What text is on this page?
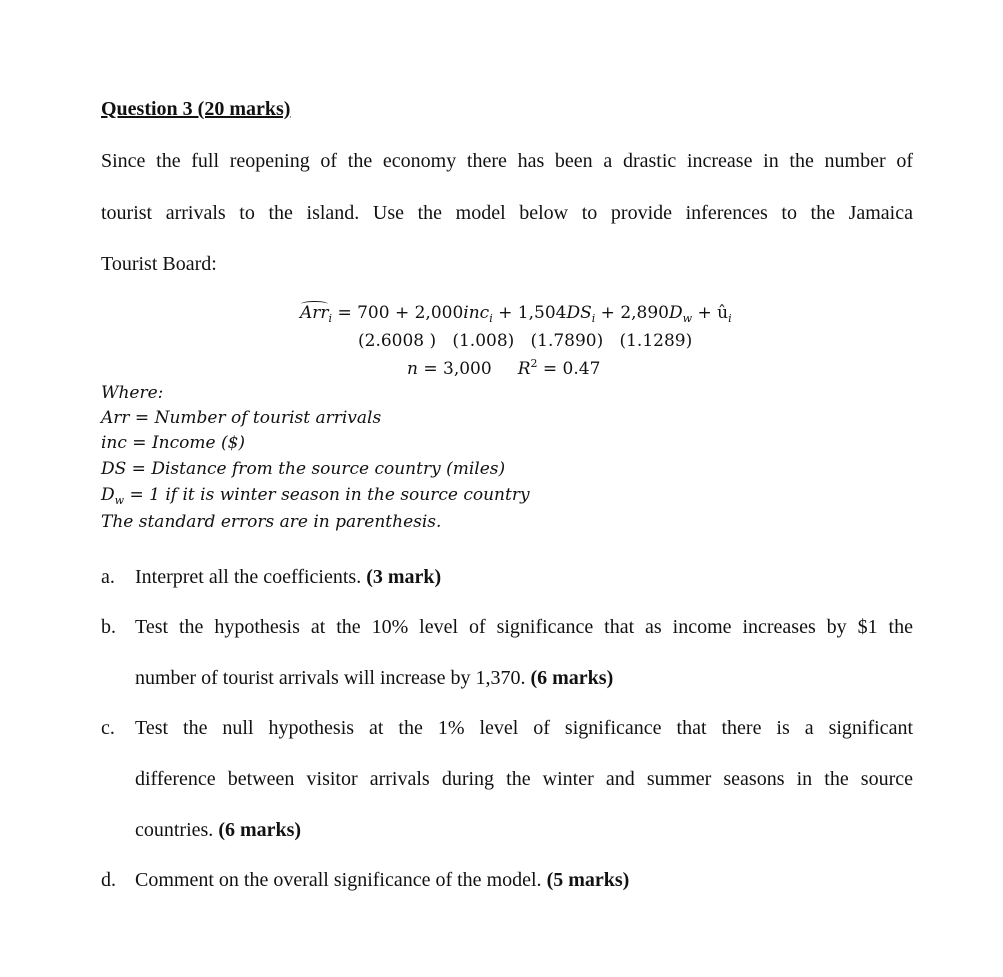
Question 3 (20 marks)
Since the full reopening of the economy there has been a drastic increase in the number of
tourist arrivals to the island. Use the model below to provide inferences to the Jamaica
Tourist Board:
$Arr_i = 700 + 2,000inc_i + 1,504DS_i + 2,890D_w$ + $û_i$
(2.6008 )   (1.008)   (1.7890)   (1.1289)
n = 3,000 $R^2 = 0.47$
Where:
Arr = Number of tourist arrivals
inc = Income ($)
DS = Distance from the source country (miles)
$D_w = 1$ if it is winter season in the source country
The standard errors are in parenthesis.
a. Interpret all the coefficients. (3 mark)
b. Test the hypothesis at the 10% level of significance that as income increases by $1 the
number of tourist arrivals will increase by 1,370. (6 marks)
c. Test the null hypothesis at the 1% level of significance that there is a significant
difference between visitor arrivals during the winter and summer seasons in the source
countries. (6 marks)
d. Comment on the overall significance of the model. (5 marks)
